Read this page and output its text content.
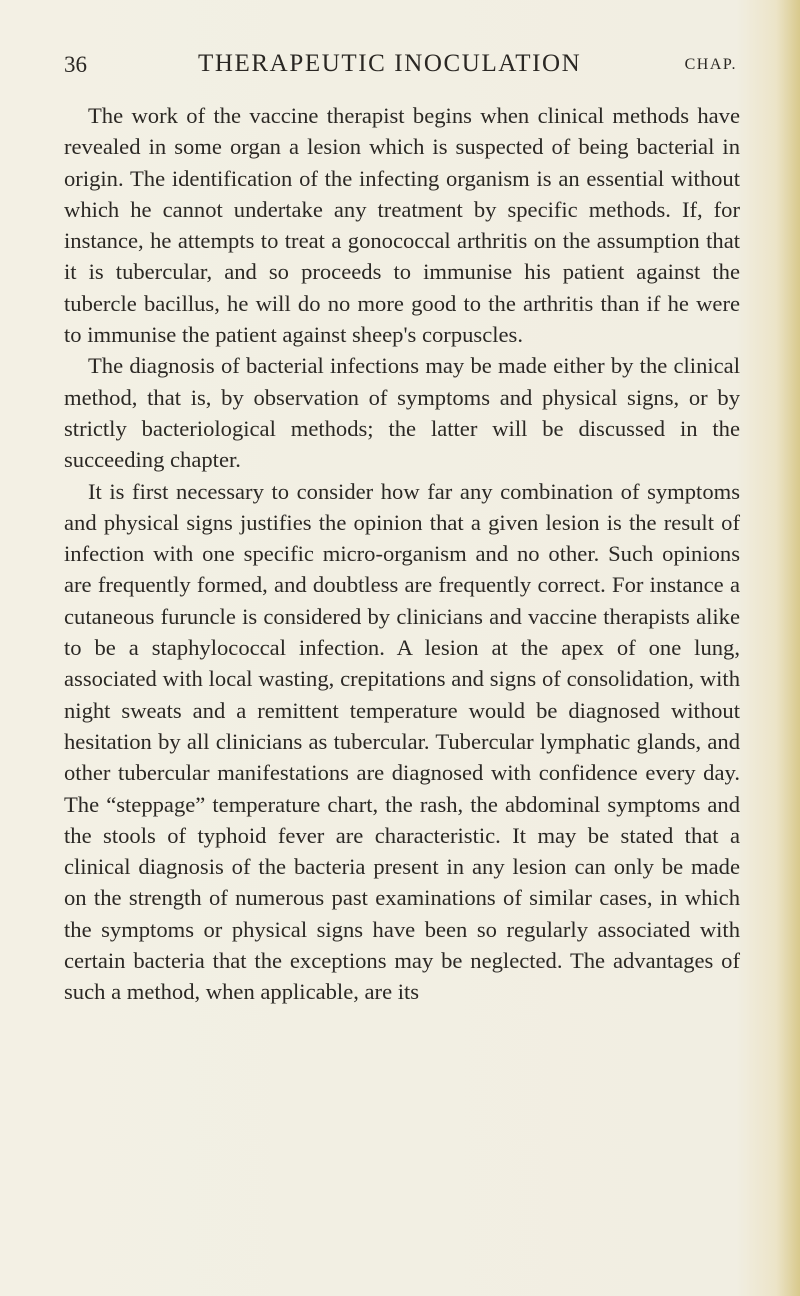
36	THERAPEUTIC INOCULATION	CHAP.

The work of the vaccine therapist begins when clinical methods have revealed in some organ a lesion which is suspected of being bacterial in origin. The identification of the infecting organism is an essential without which he cannot undertake any treatment by specific methods. If, for instance, he attempts to treat a gonococcal arthritis on the assumption that it is tubercular, and so proceeds to immunise his patient against the tubercle bacillus, he will do no more good to the arthritis than if he were to immunise the patient against sheep's corpuscles.

The diagnosis of bacterial infections may be made either by the clinical method, that is, by observation of symptoms and physical signs, or by strictly bacteriological methods; the latter will be discussed in the succeeding chapter.

It is first necessary to consider how far any combination of symptoms and physical signs justifies the opinion that a given lesion is the result of infection with one specific micro-organism and no other. Such opinions are frequently formed, and doubtless are frequently correct. For instance a cutaneous furuncle is considered by clinicians and vaccine therapists alike to be a staphylococcal infection. A lesion at the apex of one lung, associated with local wasting, crepitations and signs of consolidation, with night sweats and a remittent temperature would be diagnosed without hesitation by all clinicians as tubercular. Tubercular lymphatic glands, and other tubercular manifestations are diagnosed with confidence every day. The “steppage” temperature chart, the rash, the abdominal symptoms and the stools of typhoid fever are characteristic. It may be stated that a clinical diagnosis of the bacteria present in any lesion can only be made on the strength of numerous past examinations of similar cases, in which the symptoms or physical signs have been so regularly associated with certain bacteria that the exceptions may be neglected. The advantages of such a method, when applicable, are its
